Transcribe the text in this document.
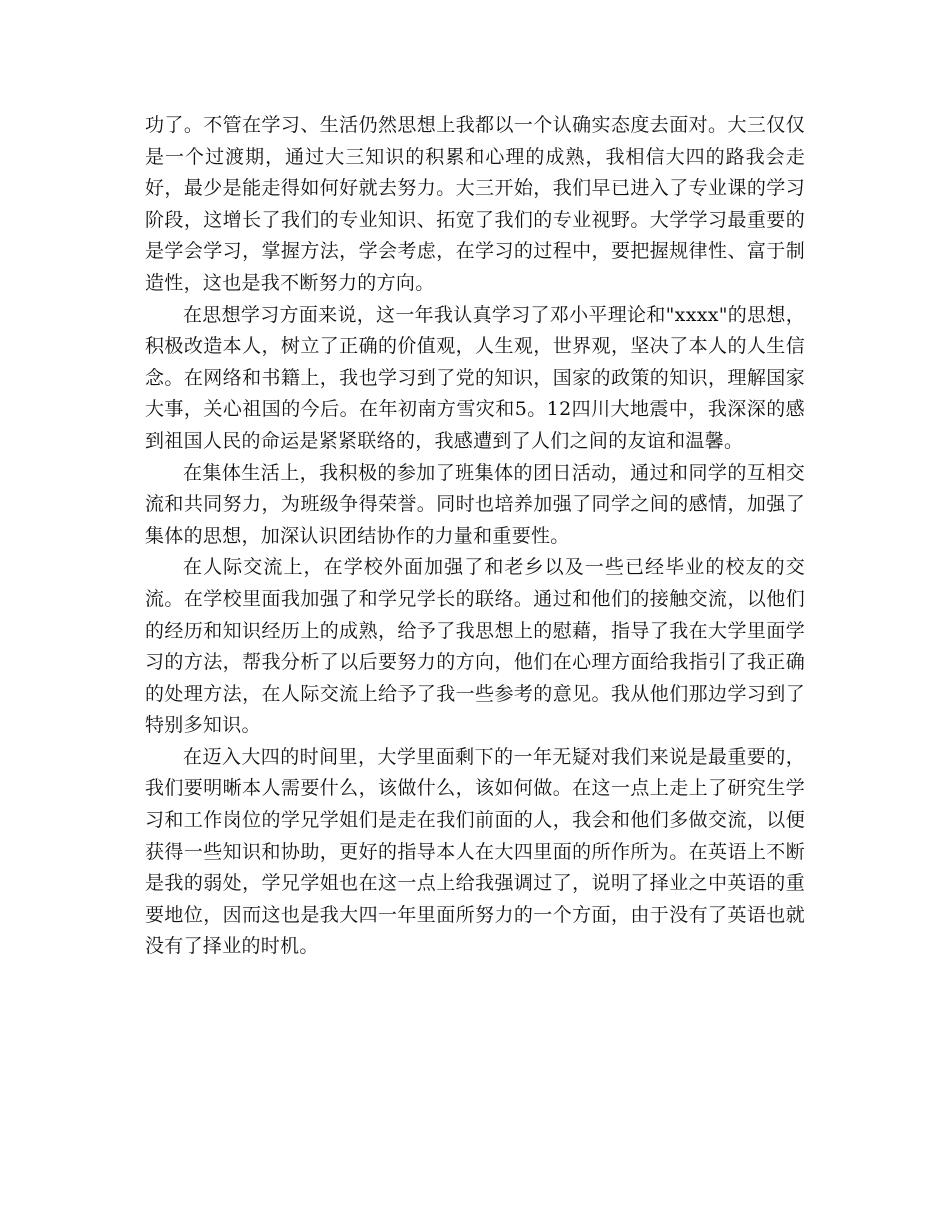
功了。不管在学习、生活仍然思想上我都以一个认确实态度去面对。大三仅仅是一个过渡期，通过大三知识的积累和心理的成熟，我相信大四的路我会走好，最少是能走得如何好就去努力。大三开始，我们早已进入了专业课的学习阶段，这增长了我们的专业知识、拓宽了我们的专业视野。大学学习最重要的是学会学习，掌握方法，学会考虑，在学习的过程中，要把握规律性、富于制造性，这也是我不断努力的方向。

在思想学习方面来说，这一年我认真学习了邓小平理论和"xxxx"的思想，积极改造本人，树立了正确的价值观，人生观，世界观，坚决了本人的人生信念。在网络和书籍上，我也学习到了党的知识，国家的政策的知识，理解国家大事，关心祖国的今后。在年初南方雪灾和5。12四川大地震中，我深深的感到祖国人民的命运是紧紧联络的，我感遭到了人们之间的友谊和温馨。

在集体生活上，我积极的参加了班集体的团日活动，通过和同学的互相交流和共同努力，为班级争得荣誉。同时也培养加强了同学之间的感情，加强了集体的思想，加深认识团结协作的力量和重要性。

在人际交流上，在学校外面加强了和老乡以及一些已经毕业的校友的交流。在学校里面我加强了和学兄学长的联络。通过和他们的接触交流，以他们的经历和知识经历上的成熟，给予了我思想上的慰藉，指导了我在大学里面学习的方法，帮我分析了以后要努力的方向，他们在心理方面给我指引了我正确的处理方法，在人际交流上给予了我一些参考的意见。我从他们那边学习到了特别多知识。

在迈入大四的时间里，大学里面剩下的一年无疑对我们来说是最重要的，我们要明晰本人需要什么，该做什么，该如何做。在这一点上走上了研究生学习和工作岗位的学兄学姐们是走在我们前面的人，我会和他们多做交流，以便获得一些知识和协助，更好的指导本人在大四里面的所作所为。在英语上不断是我的弱处，学兄学姐也在这一点上给我强调过了，说明了择业之中英语的重要地位，因而这也是我大四一年里面所努力的一个方面，由于没有了英语也就没有了择业的时机。
